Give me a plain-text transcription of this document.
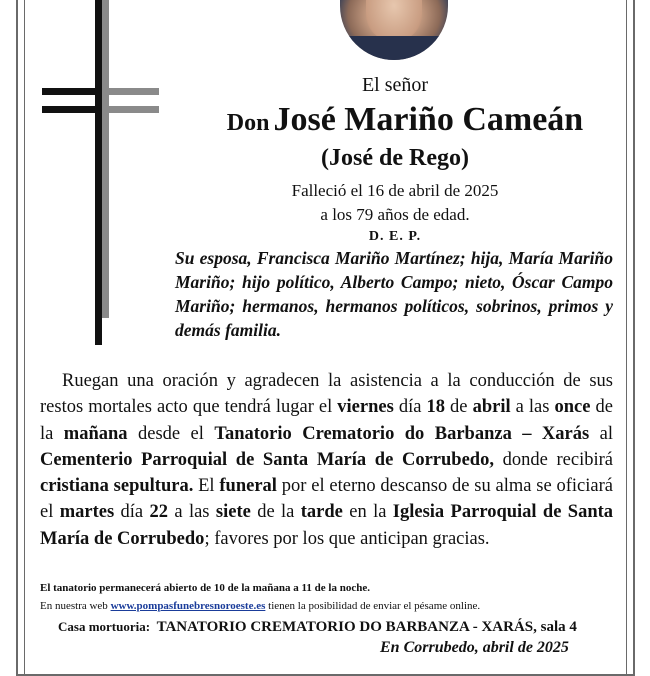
El señor
Don José Mariño Cameán
(José de Rego)
Falleció el 16 de abril de 2025
a los 79 años de edad.
D. E. P.
Su esposa, Francisca Mariño Martínez; hija, María Mariño Mariño; hijo político, Alberto Campo; nieto, Óscar Campo Mariño; hermanos, hermanos políticos, sobrinos, primos y demás familia.
Ruegan una oración y agradecen la asistencia a la conducción de sus restos mortales acto que tendrá lugar el viernes día 18 de abril a las once de la mañana desde el Tanatorio Crematorio do Barbanza – Xarás al Cementerio Parroquial de Santa María de Corrubedo, donde recibirá cristiana sepultura. El funeral por el eterno descanso de su alma se oficiará el martes día 22 a las siete de la tarde en la Iglesia Parroquial de Santa María de Corrubedo; favores por los que anticipan gracias.
El tanatorio permanecerá abierto de 10 de la mañana a 11 de la noche.
En nuestra web www.pompasfunebresnoroeste.es tienen la posibilidad de enviar el pésame online.
Casa mortuoria: TANATORIO CREMATORIO DO BARBANZA - XARÁS, sala 4
En Corrubedo, abril de 2025
